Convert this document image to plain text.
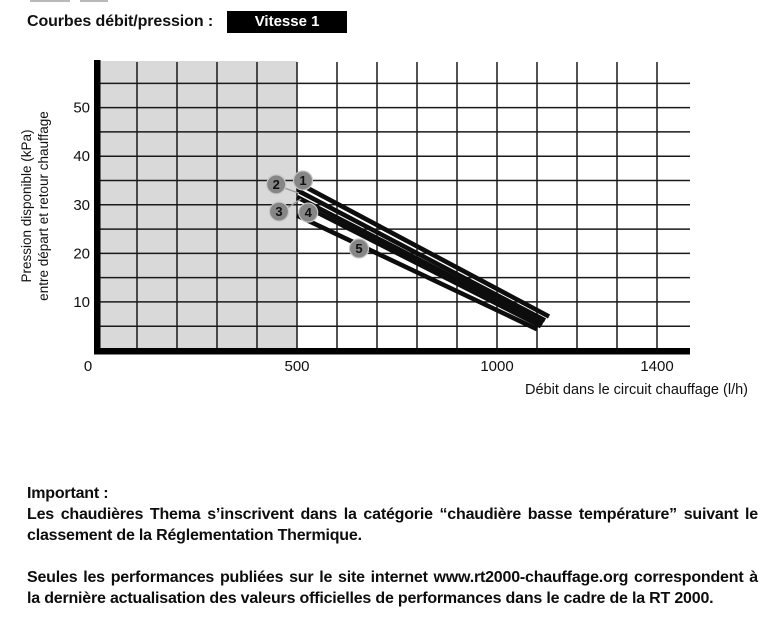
Courbes débit/pression :	Vitesse 1
Débit dans le circuit chauffage (l/h)
Pression disponible (kPa) entre départ et retour chauffage	1
2
3 4
5
0	500	1000	1400
10
20
30
40
50

Important :

Les chaudières Thema s’inscrivent dans la catégorie “chaudière basse température” suivant le classement de la Réglementation Thermique.

Seules les performances publiées sur le site internet www.rt2000-chauffage.org correspondent à la dernière actualisation des valeurs officielles de performances dans le cadre de la RT 2000.
